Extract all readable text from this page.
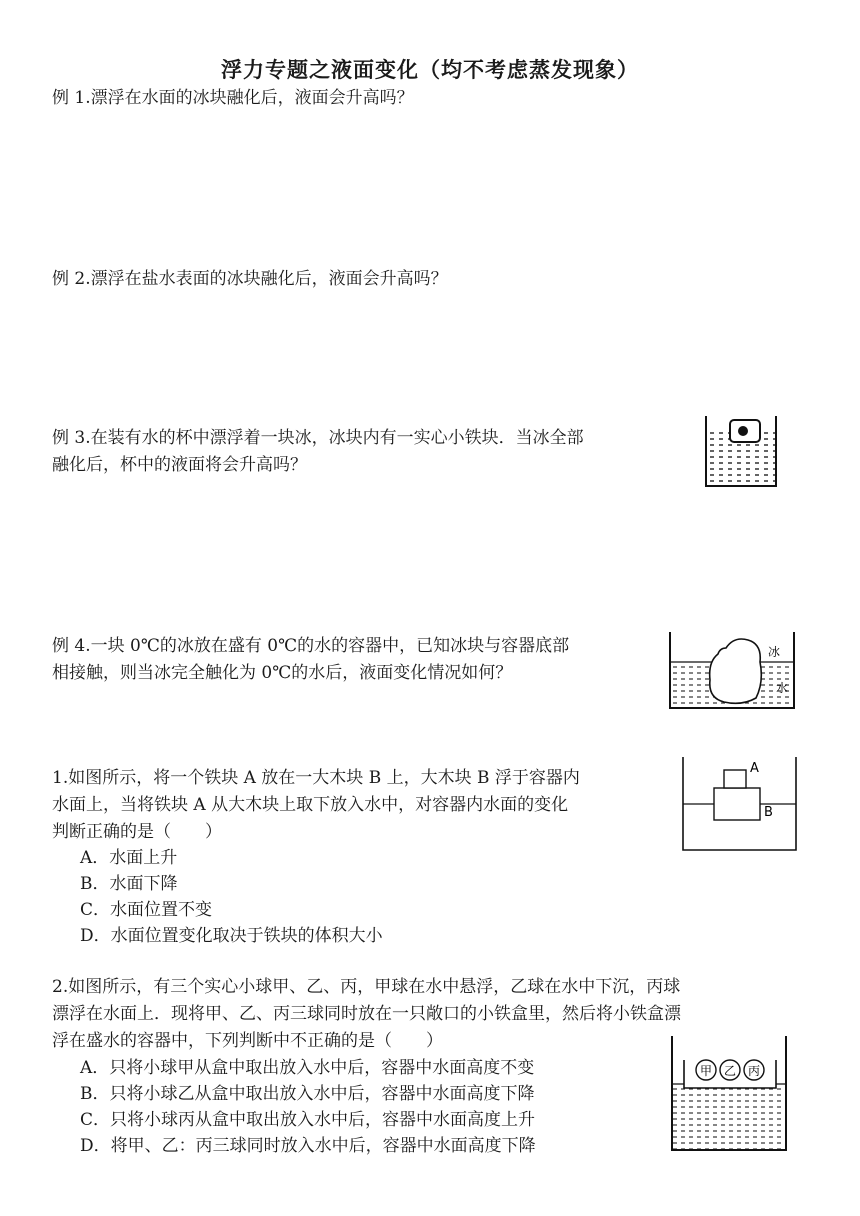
浮力专题之液面变化（均不考虑蒸发现象）
例 1.漂浮在水面的冰块融化后，液面会升高吗？
例 2.漂浮在盐水表面的冰块融化后，液面会升高吗？
例 3.在装有水的杯中漂浮着一块冰，冰块内有一实心小铁块．当冰全部
融化后，杯中的液面将会升高吗？
例 4.一块 0℃的冰放在盛有 0℃的水的容器中，已知冰块与容器底部
相接触，则当冰完全触化为 0℃的水后，液面变化情况如何？
冰
水
1.如图所示，将一个铁块 A 放在一大木块 B 上，大木块 B 浮于容器内
水面上，当将铁块 A 从大木块上取下放入水中，对容器内水面的变化
判断正确的是（　　）
A．水面上升
B．水面下降
C．水面位置不变
D．水面位置变化取决于铁块的体积大小
A
B
2.如图所示，有三个实心小球甲、乙、丙，甲球在水中悬浮，乙球在水中下沉，丙球
漂浮在水面上．现将甲、乙、丙三球同时放在一只敞口的小铁盒里，然后将小铁盒漂
浮在盛水的容器中，下列判断中不正确的是（　　）
A．只将小球甲从盒中取出放入水中后，容器中水面高度不变
B．只将小球乙从盒中取出放入水中后，容器中水面高度下降
C．只将小球丙从盒中取出放入水中后，容器中水面高度上升
D．将甲、乙：丙三球同时放入水中后，容器中水面高度下降
甲 乙 丙
